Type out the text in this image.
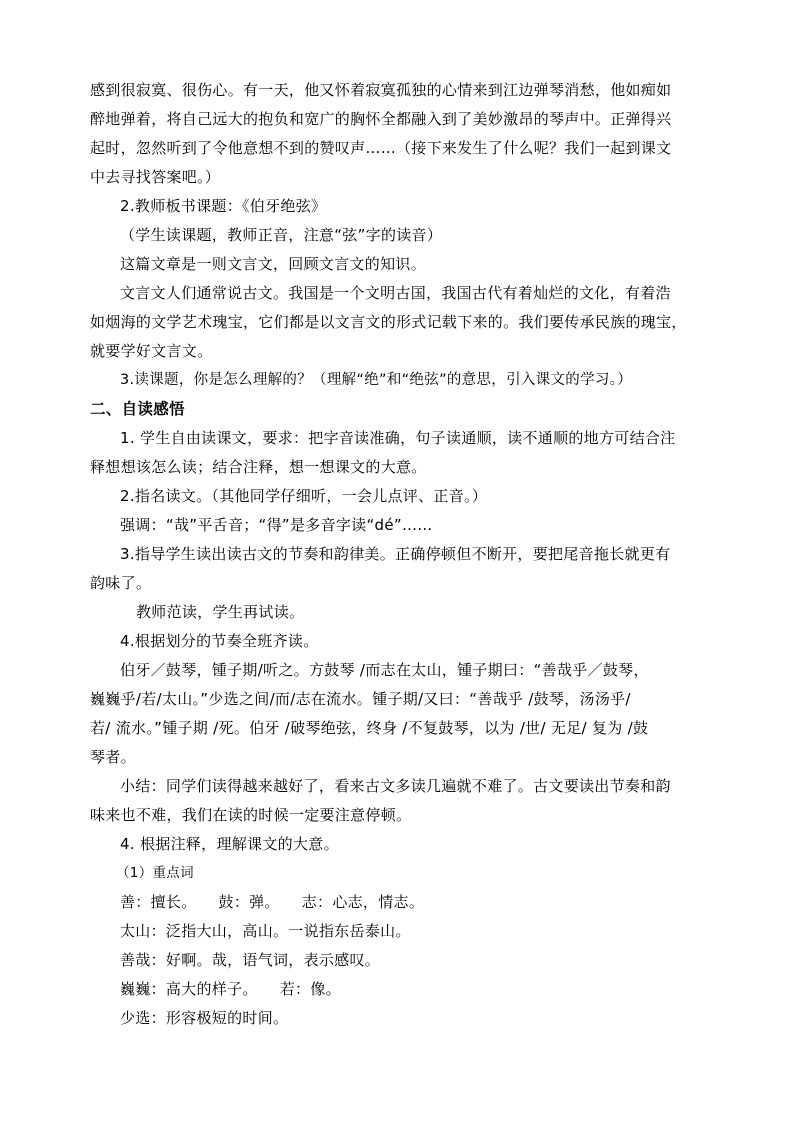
感到很寂寞、很伤心。有一天，他又怀着寂寞孤独的心情来到江边弹琴消愁，他如痴如

醉地弹着，将自己远大的抱负和宽广的胸怀全都融入到了美妙激昂的琴声中。正弹得兴

起时，忽然听到了令他意想不到的赞叹声……（接下来发生了什么呢？我们一起到课文

中去寻找答案吧。）

2.教师板书课题：《伯牙绝弦》

（学生读课题，教师正音，注意“弦”字的读音）

这篇文章是一则文言文，回顾文言文的知识。

文言文人们通常说古文。我国是一个文明古国，我国古代有着灿烂的文化，有着浩

如烟海的文学艺术瑰宝，它们都是以文言文的形式记载下来的。我们要传承民族的瑰宝，

就要学好文言文。

3.读课题，你是怎么理解的？（理解“绝”和“绝弦”的意思，引入课文的学习。）

二、自读感悟

1. 学生自由读课文，要求：把字音读准确，句子读通顺，读不通顺的地方可结合注

释想想该怎么读；结合注释，想一想课文的大意。

2.指名读文。（其他同学仔细听，一会儿点评、正音。）

强调：“哉”平舌音；“得”是多音字读“dé”……

3.指导学生读出读古文的节奏和韵律美。正确停顿但不断开，要把尾音拖长就更有

韵味了。

教师范读，学生再试读。

4.根据划分的节奏全班齐读。

伯牙／鼓琴，锺子期/听之。方鼓琴 /而志在太山，锺子期曰：“善哉乎／鼓琴，

巍巍乎/若/太山。”少选之间/而/志在流水。锺子期/又曰：“善哉乎 /鼓琴，汤汤乎/

若/ 流水。”锺子期 /死。伯牙 /破琴绝弦，终身 /不复鼓琴，以为 /世/ 无足/ 复为 /鼓

琴者。

小结：同学们读得越来越好了，看来古文多读几遍就不难了。古文要读出节奏和韵

味来也不难，我们在读的时候一定要注意停顿。

4. 根据注释，理解课文的大意。

（1）重点词

善：擅长。 鼓：弹。 志：心志，情志。

太山：泛指大山，高山。一说指东岳泰山。

善哉：好啊。哉，语气词，表示感叹。

巍巍：高大的样子。 若：像。

少选：形容极短的时间。
